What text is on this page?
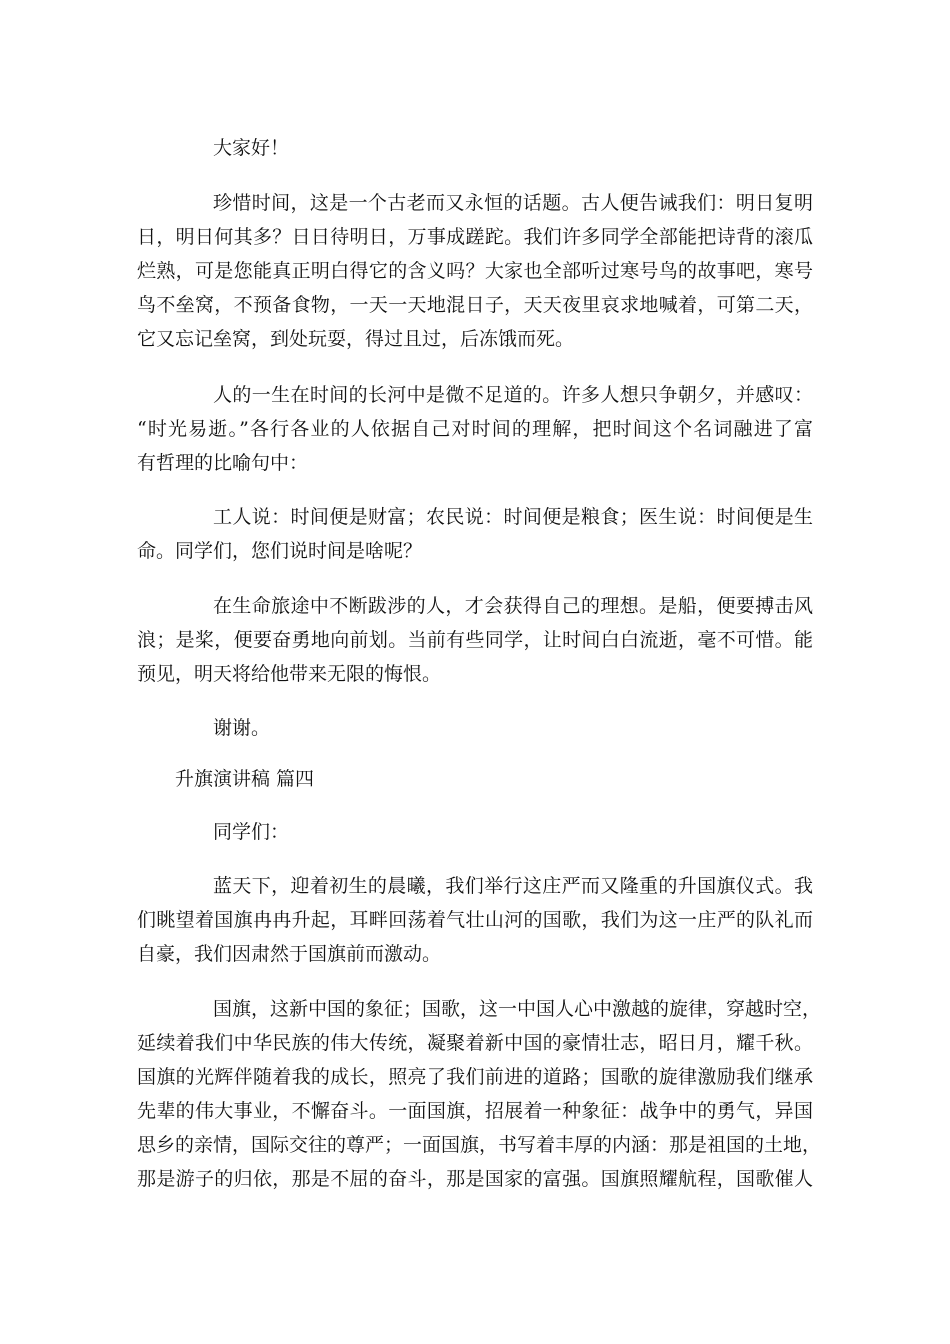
大家好！
珍惜时间，这是一个古老而又永恒的话题。古人便告诫我们：明日复明
日，明日何其多？日日待明日，万事成蹉跎。我们许多同学全部能把诗背的滚瓜
烂熟，可是您能真正明白得它的含义吗？大家也全部听过寒号鸟的故事吧，寒号
鸟不垒窝，不预备食物，一天一天地混日子，天天夜里哀求地喊着，可第二天，
它又忘记垒窝，到处玩耍，得过且过，后冻饿而死。
人的一生在时间的长河中是微不足道的。许多人想只争朝夕，并感叹：
“时光易逝。”各行各业的人依据自己对时间的理解，把时间这个名词融进了富
有哲理的比喻句中：
工人说：时间便是财富；农民说：时间便是粮食；医生说：时间便是生
命。同学们，您们说时间是啥呢？
在生命旅途中不断跋涉的人，才会获得自己的理想。是船，便要搏击风
浪；是桨，便要奋勇地向前划。当前有些同学，让时间白白流逝，毫不可惜。能
预见，明天将给他带来无限的悔恨。
谢谢。
升旗演讲稿 篇四
同学们：
蓝天下，迎着初生的晨曦，我们举行这庄严而又隆重的升国旗仪式。我
们眺望着国旗冉冉升起，耳畔回荡着气壮山河的国歌，我们为这一庄严的队礼而
自豪，我们因肃然于国旗前而激动。
国旗，这新中国的象征；国歌，这一中国人心中激越的旋律，穿越时空，
延续着我们中华民族的伟大传统，凝聚着新中国的豪情壮志，昭日月，耀千秋。
国旗的光辉伴随着我的成长，照亮了我们前进的道路；国歌的旋律激励我们继承
先辈的伟大事业，不懈奋斗。一面国旗，招展着一种象征：战争中的勇气，异国
思乡的亲情，国际交往的尊严；一面国旗，书写着丰厚的内涵：那是祖国的土地，
那是游子的归依，那是不屈的奋斗，那是国家的富强。国旗照耀航程，国歌催人
